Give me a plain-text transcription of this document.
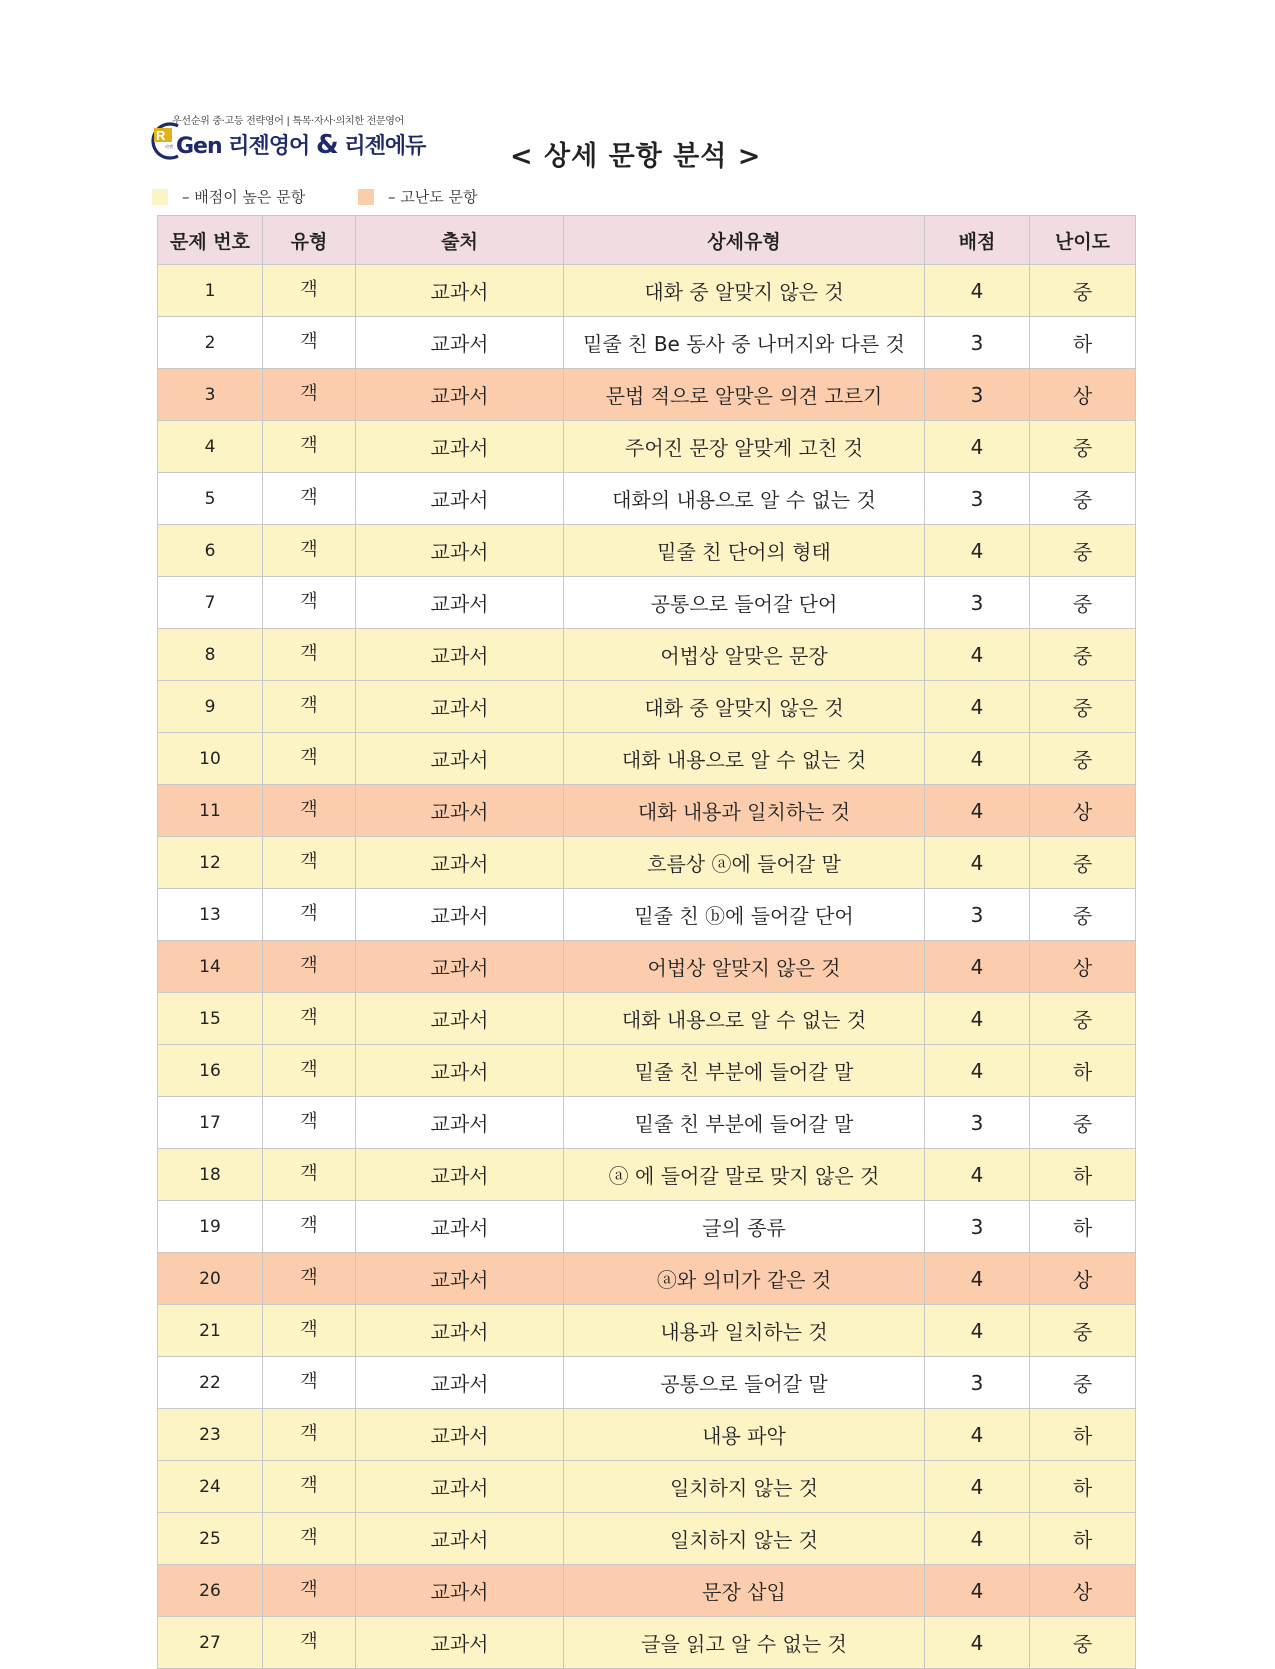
우선순위 중·고등 전략영어 | 특목·자사·의치한 전문영어
R
리젠 Gen 리젠영어 & 리젠에듀	< 상세 문항 분석 >
– 배점이 높은 문항	– 고난도 문항
문제 번호	유형	출처	상세유형	배점	난이도
1	객	교과서	대화 중 알맞지 않은 것	4	중
2	객	교과서	밑줄 친 Be 동사 중 나머지와 다른 것	3	하
3	객	교과서	문법 적으로 알맞은 의견 고르기	3	상
4	객	교과서	주어진 문장 알맞게 고친 것	4	중
5	객	교과서	대화의 내용으로 알 수 없는 것	3	중
6	객	교과서	밑줄 친 단어의 형태	4	중
7	객	교과서	공통으로 들어갈 단어	3	중
8	객	교과서	어법상 알맞은 문장	4	중
9	객	교과서	대화 중 알맞지 않은 것	4	중
10	객	교과서	대화 내용으로 알 수 없는 것	4	중
11	객	교과서	대화 내용과 일치하는 것	4	상
12	객	교과서	흐름상 ⓐ에 들어갈 말	4	중
13	객	교과서	밑줄 친 ⓑ에 들어갈 단어	3	중
14	객	교과서	어법상 알맞지 않은 것	4	상
15	객	교과서	대화 내용으로 알 수 없는 것	4	중
16	객	교과서	밑줄 친 부분에 들어갈 말	4	하
17	객	교과서	밑줄 친 부분에 들어갈 말	3	중
18	객	교과서	ⓐ 에 들어갈 말로 맞지 않은 것	4	하
19	객	교과서	글의 종류	3	하
20	객	교과서	ⓐ와 의미가 같은 것	4	상
21	객	교과서	내용과 일치하는 것	4	중
22	객	교과서	공통으로 들어갈 말	3	중
23	객	교과서	내용 파악	4	하
24	객	교과서	일치하지 않는 것	4	하
25	객	교과서	일치하지 않는 것	4	하
26	객	교과서	문장 삽입	4	상
27	객	교과서	글을 읽고 알 수 없는 것	4	중
